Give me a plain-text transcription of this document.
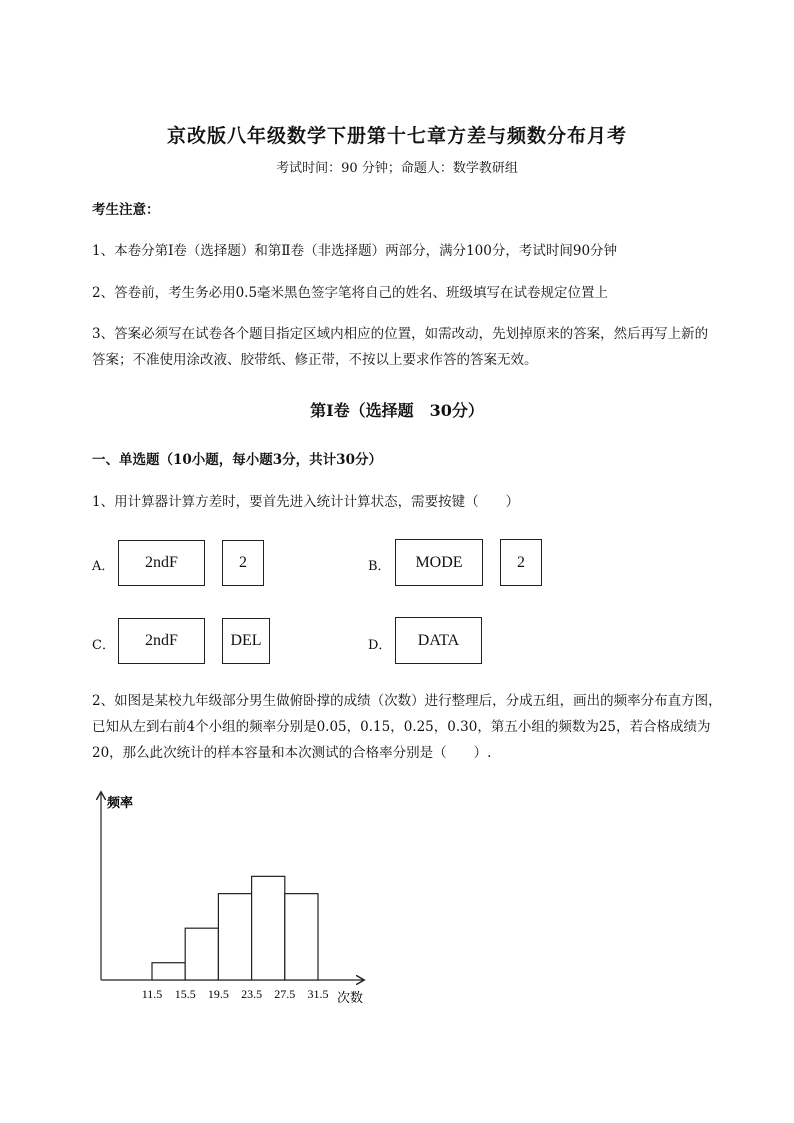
京改版八年级数学下册第十七章方差与频数分布月考
考试时间：90 分钟；命题人：数学教研组
考生注意：
1、本卷分第I卷（选择题）和第Ⅱ卷（非选择题）两部分，满分100分，考试时间90分钟
2、答卷前，考生务必用0.5毫米黑色签字笔将自己的姓名、班级填写在试卷规定位置上
3、答案必须写在试卷各个题目指定区域内相应的位置，如需改动，先划掉原来的答案，然后再写上新的答案；不准使用涂改液、胶带纸、修正带，不按以上要求作答的答案无效。
第I卷（选择题　30分）
一、单选题（10小题，每小题3分，共计30分）
1、用计算器计算方差时，要首先进入统计计算状态，需要按键（　　）
A．	2ndF	2	B．	MODE	2
C．	2ndF	DEL	D．	DATA
2、如图是某校九年级部分男生做俯卧撑的成绩（次数）进行整理后，分成五组，画出的频率分布直方图，已知从左到右前4个小组的频率分别是0.05，0.15，0.25，0.30，第五小组的频数为25，若合格成绩为20，那么此次统计的样本容量和本次测试的合格率分别是（　　）.
频率
次数
11.5 15.5 19.5 23.5 27.5 31.5
